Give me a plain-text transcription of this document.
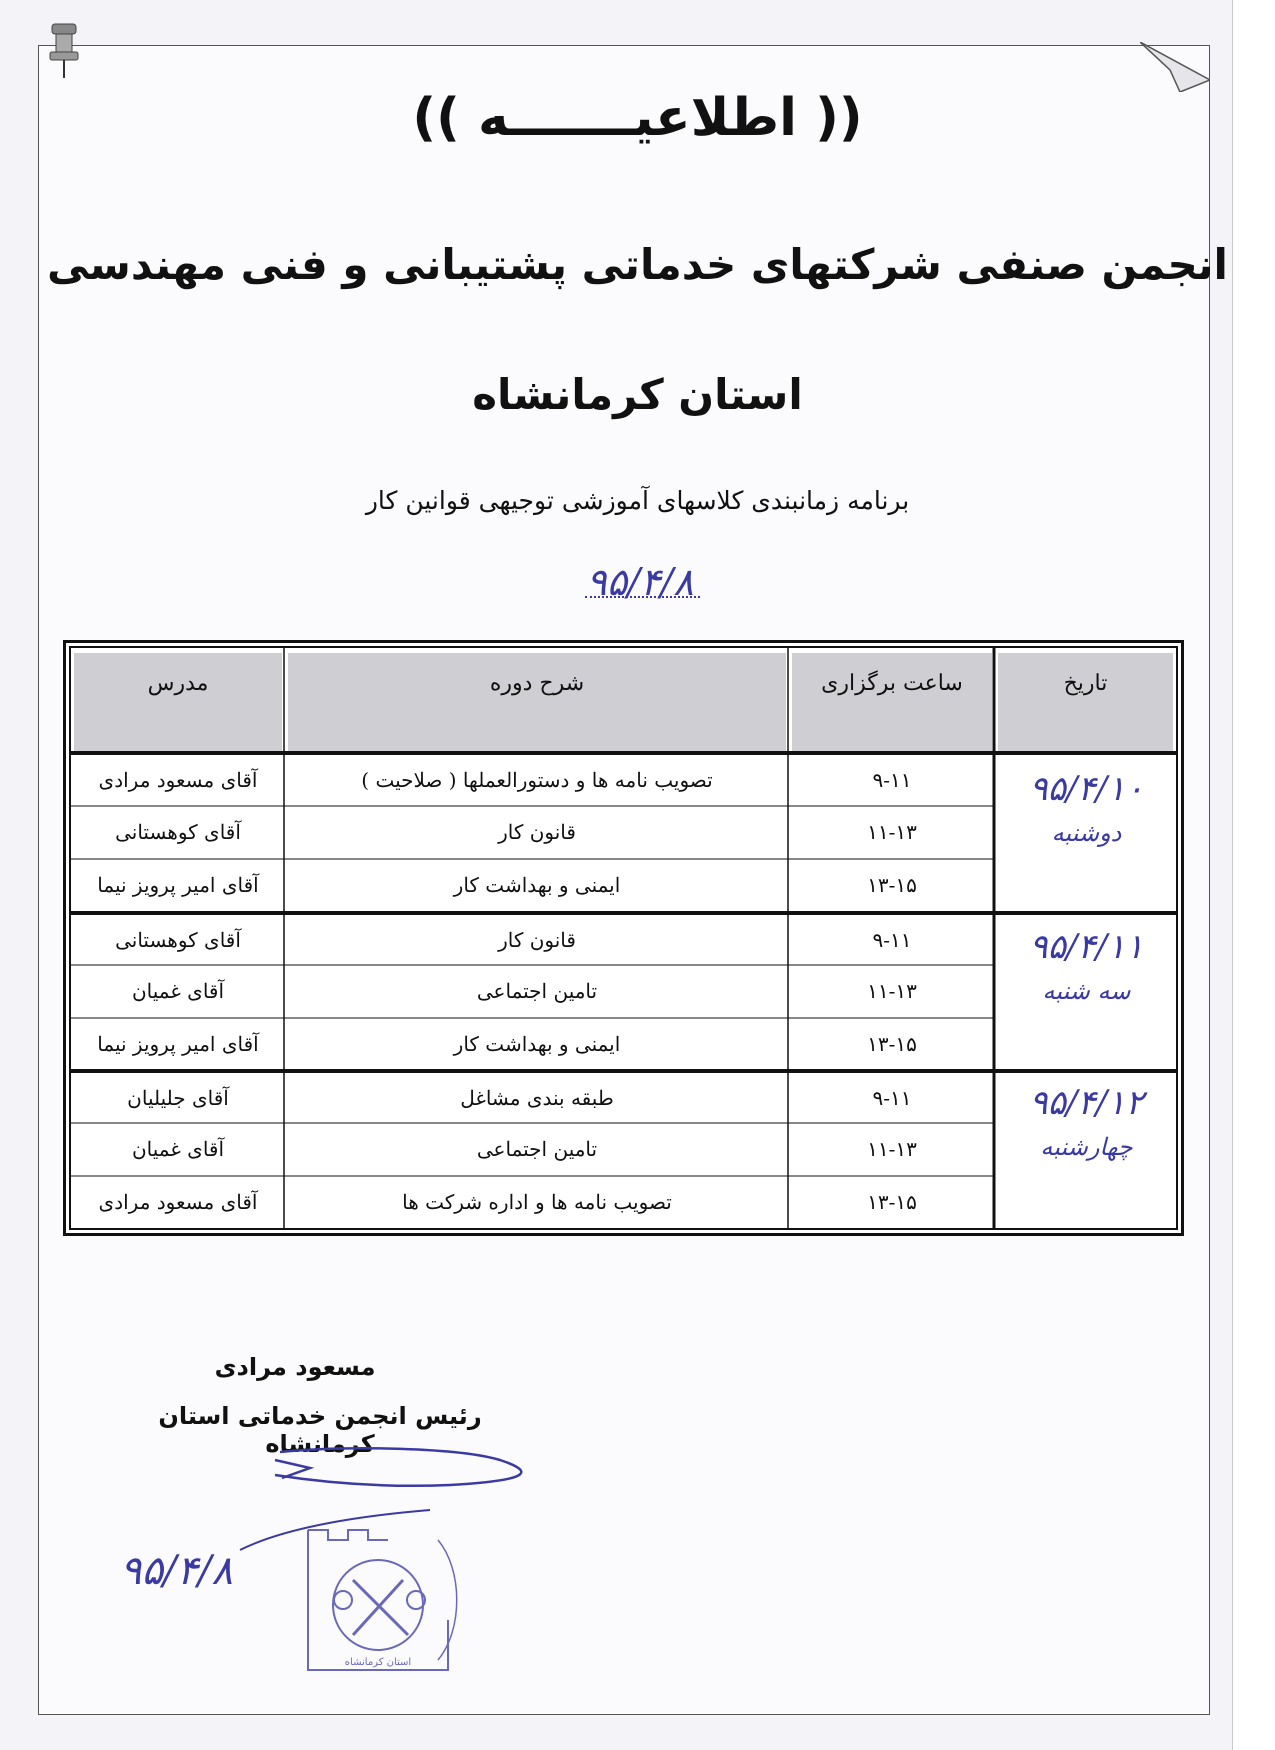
(( اطلاعیـــــــه ))
انجمن صنفی شرکتهای خدماتی پشتیبانی و فنی مهندسی
استان کرمانشاه
برنامه زمانبندی کلاسهای آموزشی توجیهی قوانین کار
۹۵/۴/۸
تاریخ
ساعت برگزاری
شرح دوره
مدرس
۹۵/۴/۱۰
دوشنبه
۹-۱۱
تصویب نامه ها و دستورالعملها ( صلاحیت )
آقای مسعود مرادی
۱۱-۱۳
قانون کار
آقای کوهستانی
۱۳-۱۵
ایمنی و بهداشت کار
آقای امیر پرویز نیما
۹۵/۴/۱۱
سه شنبه
۹-۱۱
قانون کار
آقای کوهستانی
۱۱-۱۳
تامین اجتماعی
آقای غمیان
۱۳-۱۵
ایمنی و بهداشت کار
آقای امیر پرویز نیما
۹۵/۴/۱۲
چهارشنبه
۹-۱۱
طبقه بندی مشاغل
آقای جلیلیان
۱۱-۱۳
تامین اجتماعی
آقای غمیان
۱۳-۱۵
تصویب نامه ها و اداره شرکت ها
آقای مسعود مرادی
مسعود مرادی
رئیس انجمن خدماتی استان کرمانشاه
۹۵/۴/۸
استان کرمانشاه
